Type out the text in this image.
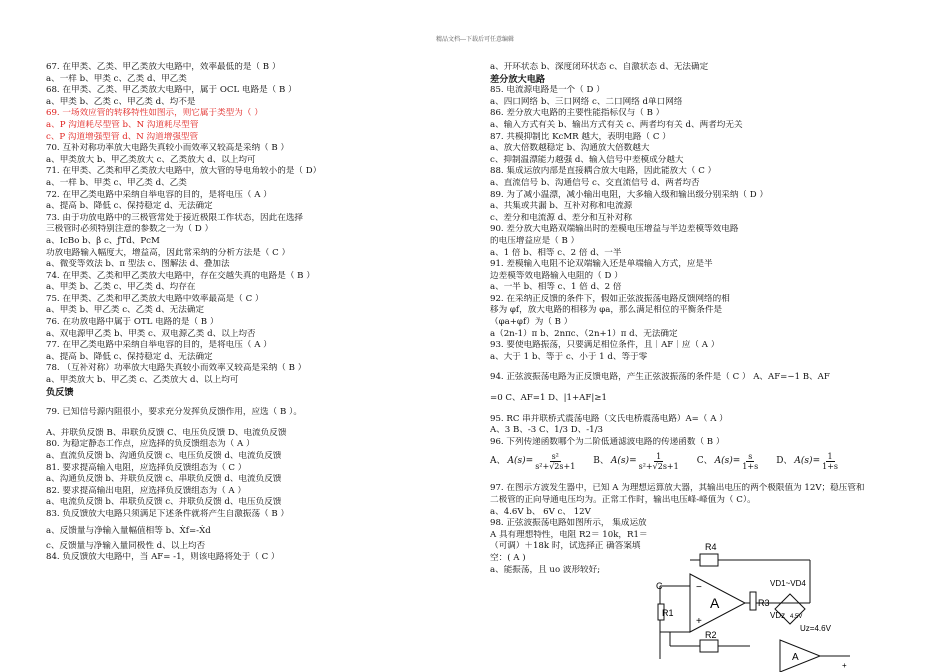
精品文档---下载后可任意编辑
67. 在甲类、乙类、甲乙类放大电路中，效率最低的是（ B ）
a、一样 b、甲类 c、乙类 d、甲乙类
68. 在甲类、乙类、甲乙类放大电路中，属于 OCL 电路是（ B ）
a、甲类 b、乙类 c、甲乙类 d、均不是
69. 一场效应管的转移特性如图示，则它属于类型为（ ）
a、P 沟道耗尽型管 b、N 沟道耗尽型管
c、P 沟道增强型管 d、N 沟道增强型管
70. 互补对称功率放大电路失真较小而效率又较高是采纳（ B ）
a、甲类放大 b、甲乙类放大 c、乙类放大 d、以上均可
71. 在甲类、乙类和甲乙类放大电路中，放大管的导电角较小的是（ D）
a、一样 b、甲类 c、甲乙类 d、乙类
72. 在甲乙类电路中采纳自举电容的目的，是将电压（ A ）
a、提高 b、降低 c、保持稳定 d、无法确定
73. 由于功放电路中的三极管常处于接近极限工作状态，因此在选择
三极管时必须特别注意的参数之一为（ D ）
a、IcBo b、β c、ƒTd、PcM
功放电路输入幅度大，增益高，因此常采纳的分析方法是（ C ）
a、微变等效法 b、π 型法 c、图解法 d、叠加法
74. 在甲类、乙类和甲乙类放大电路中，存在交越失真的电路是（ B ）
a、甲类 b、乙类 c、甲乙类 d、均存在
75. 在甲类、乙类和甲乙类放大电路中效率最高是（ C ）
a、甲类 b、甲乙类 c、乙类 d、无法确定
76. 在功放电路中属于 OTL 电路的是（ B ）
a、双电源甲乙类 b、甲类 c、双电源乙类 d、以上均否
77. 在甲乙类电路中采纳自举电容的目的，是将电压（ A ）
a、提高 b、降低 c、保持稳定 d、无法确定
78. （互补对称）功率放大电路失真较小而效率又较高是采纳（ B ）
a、甲类放大 b、甲乙类 c、乙类放大 d、以上均可
负反馈
79. 已知信号源内阻很小，要求充分发挥负反馈作用，应选（ B ）。
A、并联负反馈 B、串联负反馈 C、电压负反馈 D、电流负反馈
80. 为稳定静态工作点，应选择的负反馈组态为（ A ）
a、直流负反馈 b、沟通负反馈 c、电压负反馈 d、电流负反馈
81. 要求提高输入电阻，应选择负反馈组态为（ C ）
a、沟通负反馈 b、并联负反馈 c、串联负反馈 d、电流负反馈
82. 要求提高输出电阻，应选择负反馈组态为（ A ）
a、电流负反馈 b、串联负反馈 c、并联负反馈 d、电压负反馈
83. 负反馈放大电路只须满足下述条件就将产生自激振荡（ B ）
a、反馈量与净输入量幅值相等 b、Ẋf=-Ẋd
c、反馈量与净输入量同极性 d、以上均否
84. 负反馈放大电路中，当 AF= -1，则该电路将处于（ C ）
a、开环状态 b、深度闭环状态 c、自激状态 d、无法确定
差分放大电路
85. 电流源电路是一个（ D ）
a、四口网络 b、三口网络 c、二口网络 d单口网络
86. 差分放大电路的主要性能指标仅与（ B ）
a、输入方式有关 b、输出方式有关 c、两者均有关 d、两者均无关
87. 共模抑制比 KcMR 越大，表明电路（ C ）
a、放大倍数越稳定 b、沟通放大倍数越大
c、抑制温漂能力越强 d、输入信号中差模成分越大
88. 集成运放内部是直接耦合放大电路，因此能放大（ C ）
a、直流信号 b、沟通信号 c、交直流信号 d、两者均否
89. 为了减小温漂，减小输出电阻，大多输入级和输出级分别采纳（ D ）
a、共集或共漏 b、互补对称和电流源
c、差分和电流源 d、差分和互补对称
90. 差分放大电路双端输出时的差模电压增益与半边差模等效电路
的电压增益应是（ B ）
a、1 倍 b、相等 c、2 倍 d、一半
91. 差模输入电阻不论双端输入还是单端输入方式，应是半
边差模等效电路输入电阻的（ D ）
a、一半 b、相等 c、1 倍 d、2 倍
92. 在采纳正反馈的条件下，假如正弦波振荡电路反馈网络的相
移为 φf，放大电路的相移为 φa，那么满足相位的平衡条件是
（φa+φf）为（ B ）
a（2n-1）π b、2nπc、（2n+1）π d、无法确定
93. 要使电路振荡，只要满足相位条件，且｜AF｜应（ A ）
a、大于 1 b、等于 c、小于 1 d、等于零
94. 正弦波振荡电路为正反馈电路，产生正弦波振荡的条件是（ C ） A、ȦḞ=−1 B、ȦḞ
=0 C、ȦḞ=1 D、|1+ȦḞ|≥1
95. RC 串并联桥式震荡电路（文氏电桥震荡电路）A=（ A ）
A、3 B、-3 C、1/3 D、-1/3
96. 下列传递函数哪个为二阶低通滤波电路的传递函数（ B ）
A、 $A(s)= \frac{\text{s²}}{\text{s²+√2s+1}}$ B、 $A(s)= \frac{1}{\text{s²+√2s+1}}$ C、 $A(s)= \frac{s}{1+s}$ D、 $A(s)= \frac{1}{1+s}$
97. 在图示方波发生器中，已知 A 为理想运算放大器，其输出电压的两个极限值为 12V；稳压管和
二极管的正向导通电压均为。正常工作时，输出电压峰-峰值为（ C）。
a、4.6V b、 6V c、 12V
98. 正弦波振荡电路如图所示， 集成运放
A 具有理想特性，电阻 R2＝ 10k，R1＝
（可调）＋18k 时，试选择正 确答案填
空：( A )
a、能振荡，且 uo 波形较好;
R4
−
+
A
C
R1
R2
R3
VD1~VD4
VDz 4.5V
Uz=4.6V
A
+
